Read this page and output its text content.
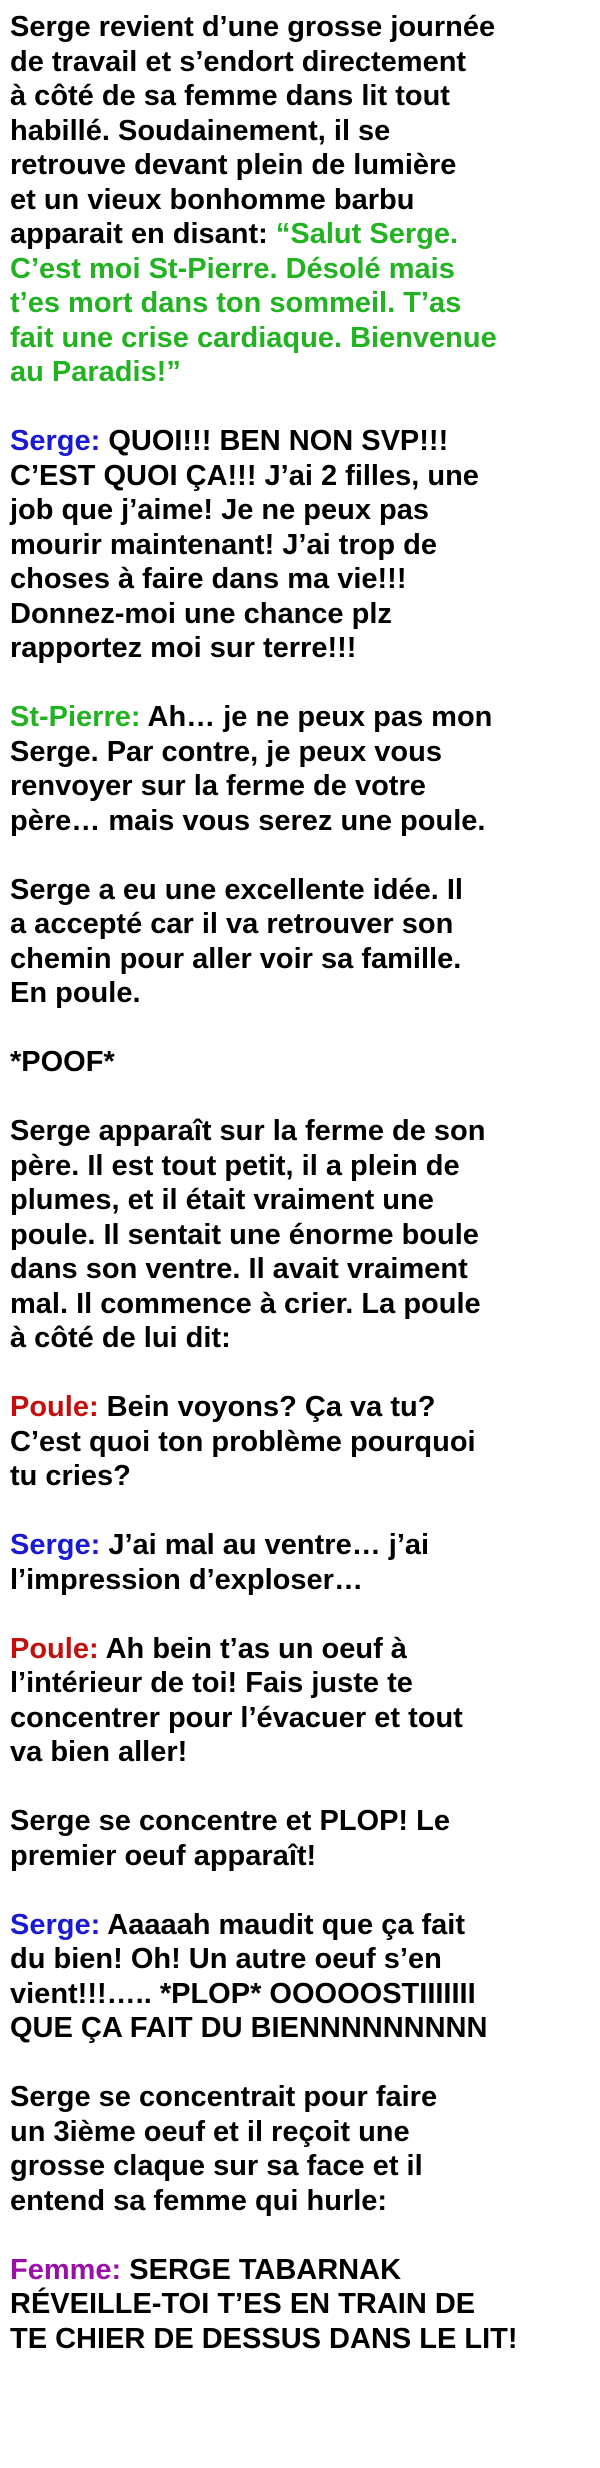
Serge revient d’une grosse journée
de travail et s’endort directement
à côté de sa femme dans lit tout
habillé. Soudainement, il se
retrouve devant plein de lumière
et un vieux bonhomme barbu
apparait en disant: “Salut Serge.
C’est moi St-Pierre. Désolé mais
t’es mort dans ton sommeil. T’as
fait une crise cardiaque. Bienvenue
au Paradis!”

Serge: QUOI!!! BEN NON SVP!!!
C’EST QUOI ÇA!!! J’ai 2 filles, une
job que j’aime! Je ne peux pas
mourir maintenant! J’ai trop de
choses à faire dans ma vie!!!
Donnez-moi une chance plz
rapportez moi sur terre!!!

St-Pierre: Ah… je ne peux pas mon
Serge. Par contre, je peux vous
renvoyer sur la ferme de votre
père… mais vous serez une poule.

Serge a eu une excellente idée. Il
a accepté car il va retrouver son
chemin pour aller voir sa famille.
En poule.

*POOF*

Serge apparaît sur la ferme de son
père. Il est tout petit, il a plein de
plumes, et il était vraiment une
poule. Il sentait une énorme boule
dans son ventre. Il avait vraiment
mal. Il commence à crier. La poule
à côté de lui dit:

Poule: Bein voyons? Ça va tu?
C’est quoi ton problème pourquoi
tu cries?

Serge: J’ai mal au ventre… j’ai
l’impression d’exploser…

Poule: Ah bein t’as un oeuf à
l’intérieur de toi! Fais juste te
concentrer pour l’évacuer et tout
va bien aller!

Serge se concentre et PLOP! Le
premier oeuf apparaît!

Serge: Aaaaah maudit que ça fait
du bien! Oh! Un autre oeuf s’en
vient!!!….. *PLOP* OOOOOSTIIIIIII
QUE ÇA FAIT DU BIENNNNNNNNN

Serge se concentrait pour faire
un 3ième oeuf et il reçoit une
grosse claque sur sa face et il
entend sa femme qui hurle:

Femme: SERGE TABARNAK
RÉVEILLE-TOI T’ES EN TRAIN DE
TE CHIER DE DESSUS DANS LE LIT!
